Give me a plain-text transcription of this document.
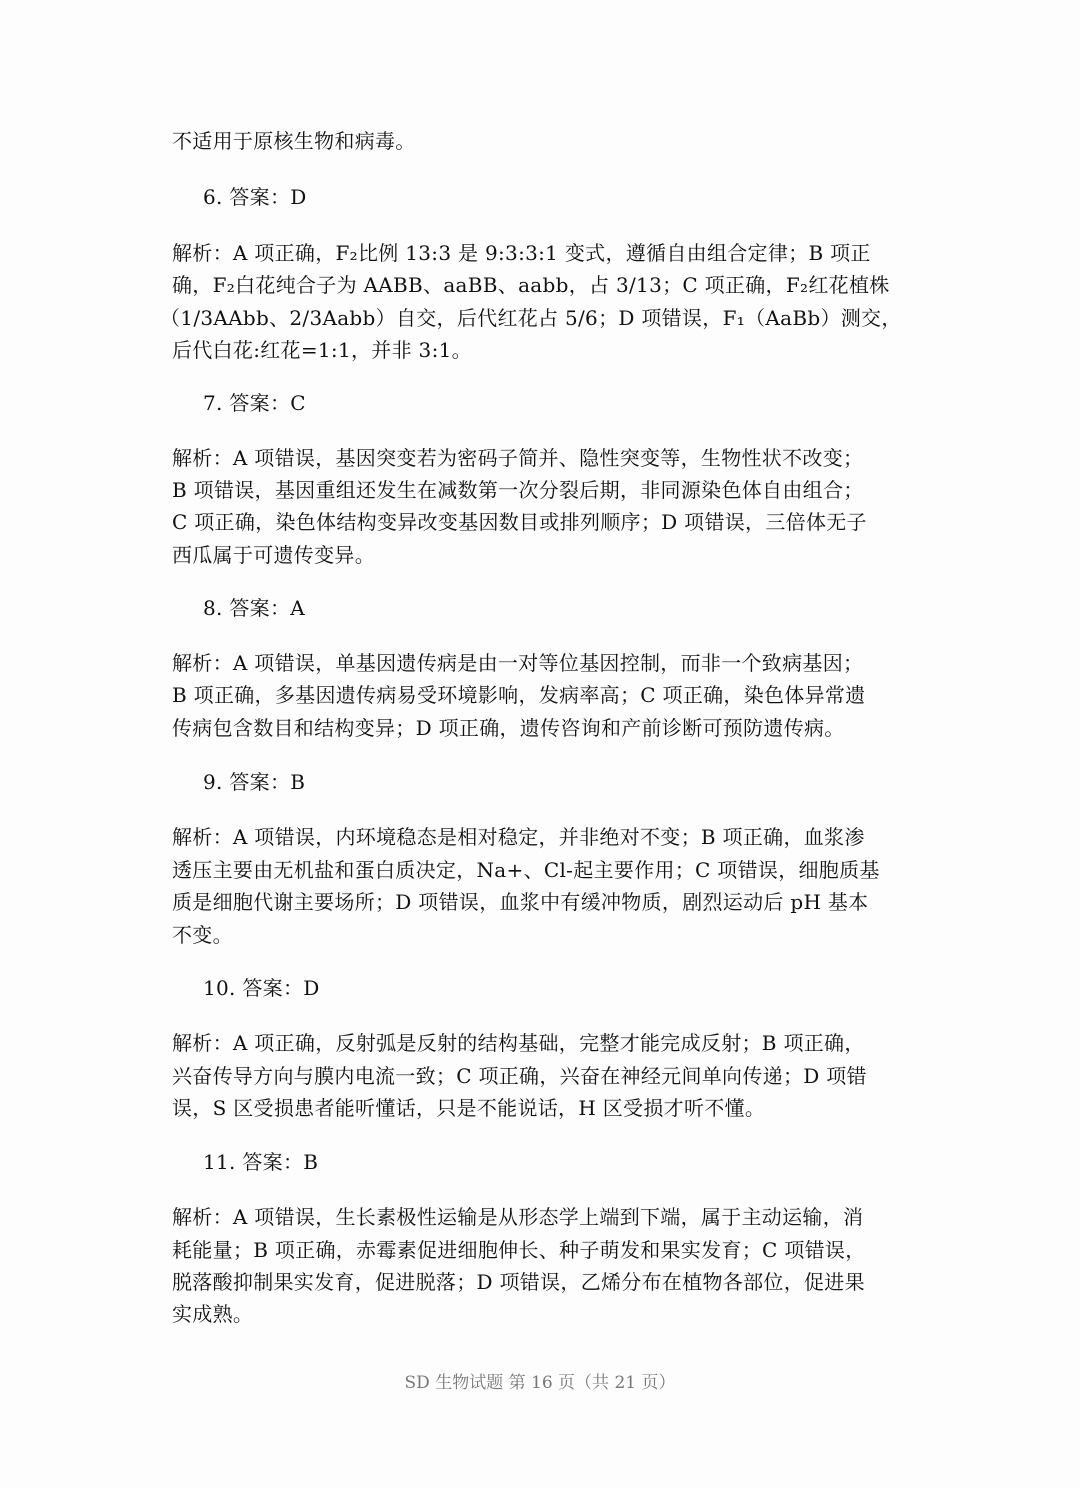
不适用于原核生物和病毒。
6. 答案：D
解析：A 项正确，F₂比例 13:3 是 9:3:3:1 变式，遵循自由组合定律；B 项正
确，F₂白花纯合子为 AABB、aaBB、aabb，占 3/13；C 项正确，F₂红花植株
（1/3AAbb、2/3Aabb）自交，后代红花占 5/6；D 项错误，F₁（AaBb）测交，
后代白花:红花=1:1，并非 3:1。
7. 答案：C
解析：A 项错误，基因突变若为密码子简并、隐性突变等，生物性状不改变；
B 项错误，基因重组还发生在减数第一次分裂后期，非同源染色体自由组合；
C 项正确，染色体结构变异改变基因数目或排列顺序；D 项错误，三倍体无子
西瓜属于可遗传变异。
8. 答案：A
解析：A 项错误，单基因遗传病是由一对等位基因控制，而非一个致病基因；
B 项正确，多基因遗传病易受环境影响，发病率高；C 项正确，染色体异常遗
传病包含数目和结构变异；D 项正确，遗传咨询和产前诊断可预防遗传病。
9. 答案：B
解析：A 项错误，内环境稳态是相对稳定，并非绝对不变；B 项正确，血浆渗
透压主要由无机盐和蛋白质决定，Na+、Cl-起主要作用；C 项错误，细胞质基
质是细胞代谢主要场所；D 项错误，血浆中有缓冲物质，剧烈运动后 pH 基本
不变。
10. 答案：D
解析：A 项正确，反射弧是反射的结构基础，完整才能完成反射；B 项正确，
兴奋传导方向与膜内电流一致；C 项正确，兴奋在神经元间单向传递；D 项错
误，S 区受损患者能听懂话，只是不能说话，H 区受损才听不懂。
11. 答案：B
解析：A 项错误，生长素极性运输是从形态学上端到下端，属于主动运输，消
耗能量；B 项正确，赤霉素促进细胞伸长、种子萌发和果实发育；C 项错误，
脱落酸抑制果实发育，促进脱落；D 项错误，乙烯分布在植物各部位，促进果
实成熟。
SD 生物试题 第 16 页（共 21 页）
